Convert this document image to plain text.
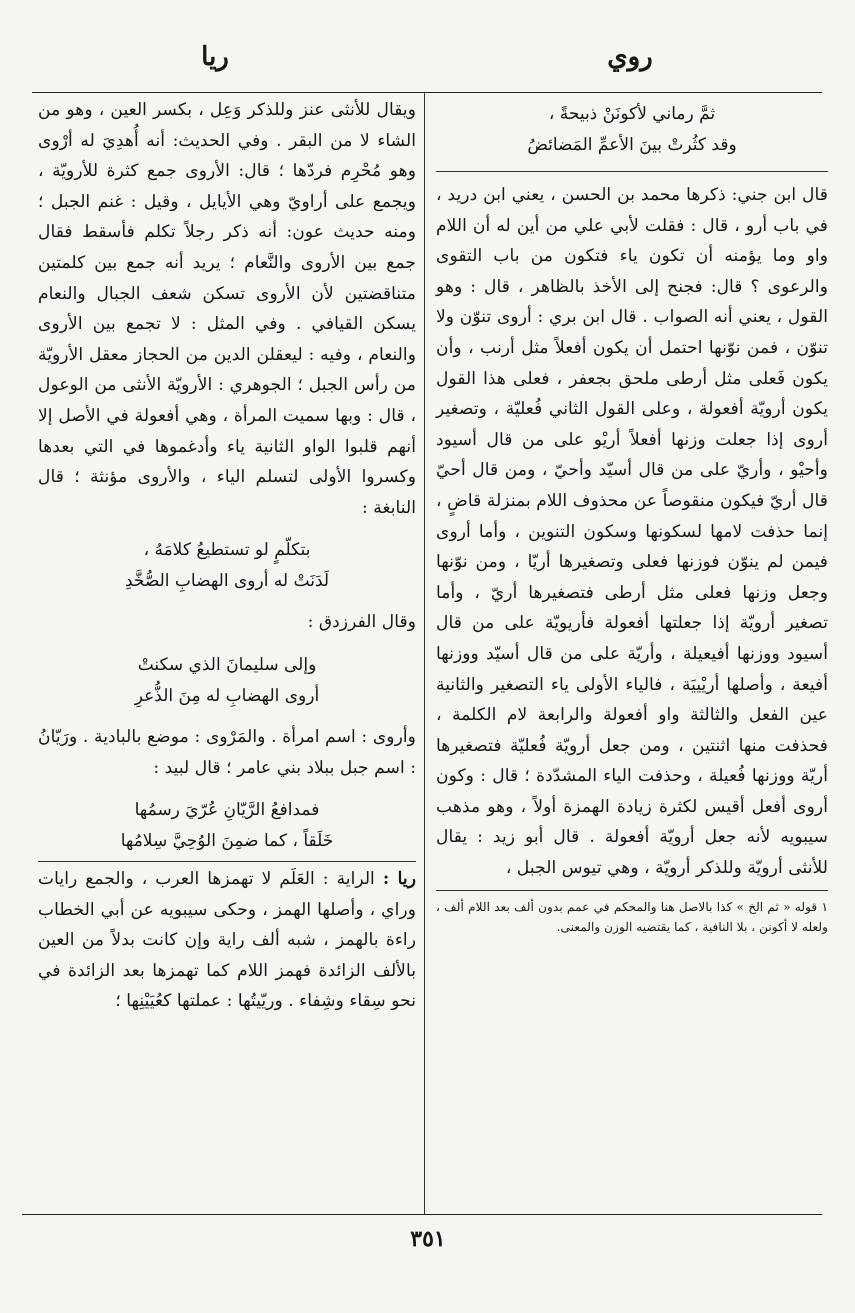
روي
ريا

ثمَّ رماني لأكونَنْ ذبيحةً ،

وقد كثُرتْ بينَ الأعمِّ المَضائضُ

قال ابن جني: ذكرها محمد بن الحسن ، يعني ابن دريد ، في باب أرو ، قال : فقلت لأبي علي من أين له أن اللام واو وما يؤمنه أن تكون ياء فتكون من باب التقوى والرعوى ؟ قال: فجنح إلى الأخذ بالظاهر ، قال : وهو القول ، يعني أنه الصواب . قال ابن بري : أروى تنوّن ولا تنوّن ، فمن نوّنها احتمل أن يكون أفعلاً مثل أرنب ، وأن يكون فَعلى مثل أرطى ملحق بجعفر ، فعلى هذا القول يكون أرويّة أفعولة ، وعلى القول الثاني فُعليّة ، وتصغير أروى إذا جعلت وزنها أفعلاً أريْو على من قال أسيود وأحيْو ، وأريّ على من قال أسيّد وأحيّ ، ومن قال أحيّ قال أريّ فيكون منقوصاً عن محذوف اللام بمنزلة قاضٍ ، إنما حذفت لامها لسكونها وسكون التنوين ، وأما أروى فيمن لم ينوّن فوزنها فعلى وتصغيرها أريّا ، ومن نوّنها وجعل وزنها فعلى مثل أرطى فتصغيرها أريّ ، وأما تصغير أرويّة إذا جعلتها أفعولة فأريويّة على من قال أسيود ووزنها أفيعيلة ، وأريّة على من قال أسيّد ووزنها أفيعة ، وأصلها أريْييَة ، فالياء الأولى ياء التصغير والثانية عين الفعل والثالثة واو أفعولة والرابعة لام الكلمة ، فحذفت منها اثنتين ، ومن جعل أرويّة فُعليّة فتصغيرها أريّة ووزنها فُعيلة ، وحذفت الياء المشدّدة ؛ قال : وكون أروى أفعل أقيس لكثرة زيادة الهمزة أولاً ، وهو مذهب سيبويه لأنه جعل أرويّة أفعولة . قال أبو زيد : يقال للأنثى أرويّة وللذكر أرويّة ، وهي تيوس الجبل ،

١ قوله « ثم الخ » كذا بالاصل هنا والمحكم في عمم بدون ألف بعد اللام ألف ، ولعله لا أكونن ، بلا النافية ، كما يقتضيه الوزن والمعنى.

ويقال للأنثى عنز وللذكر وَعِل ، بكسر العين ، وهو من الشاء لا من البقر . وفي الحديث: أنه أُهدِيَ له أرْوى وهو مُحْرِم فردّها ؛ قال: الأروى جمع كثرة للأرويّة ، ويجمع على أراويّ وهي الأيايل ، وقيل : غنم الجبل ؛ ومنه حديث عون: أنه ذكر رجلاً تكلم فأسقط فقال جمع بين الأروى والنَّعام ؛ يريد أنه جمع بين كلمتين متناقضتين لأن الأروى تسكن شعف الجبال والنعام يسكن القيافي . وفي المثل : لا تجمع بين الأروى والنعام ، وفيه : ليعقلن الدين من الحجاز معقل الأرويّة من رأس الجبل ؛ الجوهري : الأرويّة الأنثى من الوعول ، قال : وبها سميت المرأة ، وهي أفعولة في الأصل إلا أنهم قلبوا الواو الثانية ياء وأدغموها في التي بعدها وكسروا الأولى لتسلم الياء ، والأروى مؤنثة ؛ قال النابغة :

بتكلّمٍ لو تستطيعُ كلامَهُ ،

لَدَنَتْ له أروى الهضابِ الصُّخَّدِ

وقال الفرزدق :

وإلى سليمانَ الذي سكنتْ

أروى الهضابِ له مِنَ الذُّعرِ

وأروى : اسم امرأة . والمَرْوى : موضع بالبادية . ورَيّانُ : اسم جبل ببلاد بني عامر ؛ قال لبيد :

فمدافعُ الرَّيّانِ عُرّيَ رسمُها

خَلَقاً ، كما ضمِنَ الوُحِيَّ سِلامُها

ريا : الراية : العَلَم لا تهمزها العرب ، والجمع رايات وراي ، وأصلها الهمز ، وحكى سيبويه عن أبي الخطاب راءة بالهمز ، شبه ألف راية وإن كانت بدلاً من العين بالألف الزائدة فهمز اللام كما تهمزها بعد الزائدة في نحو سِقاء وشِفاء . وريّيتُها : عملتها كعُيَيْنِها ؛

٣٥١
